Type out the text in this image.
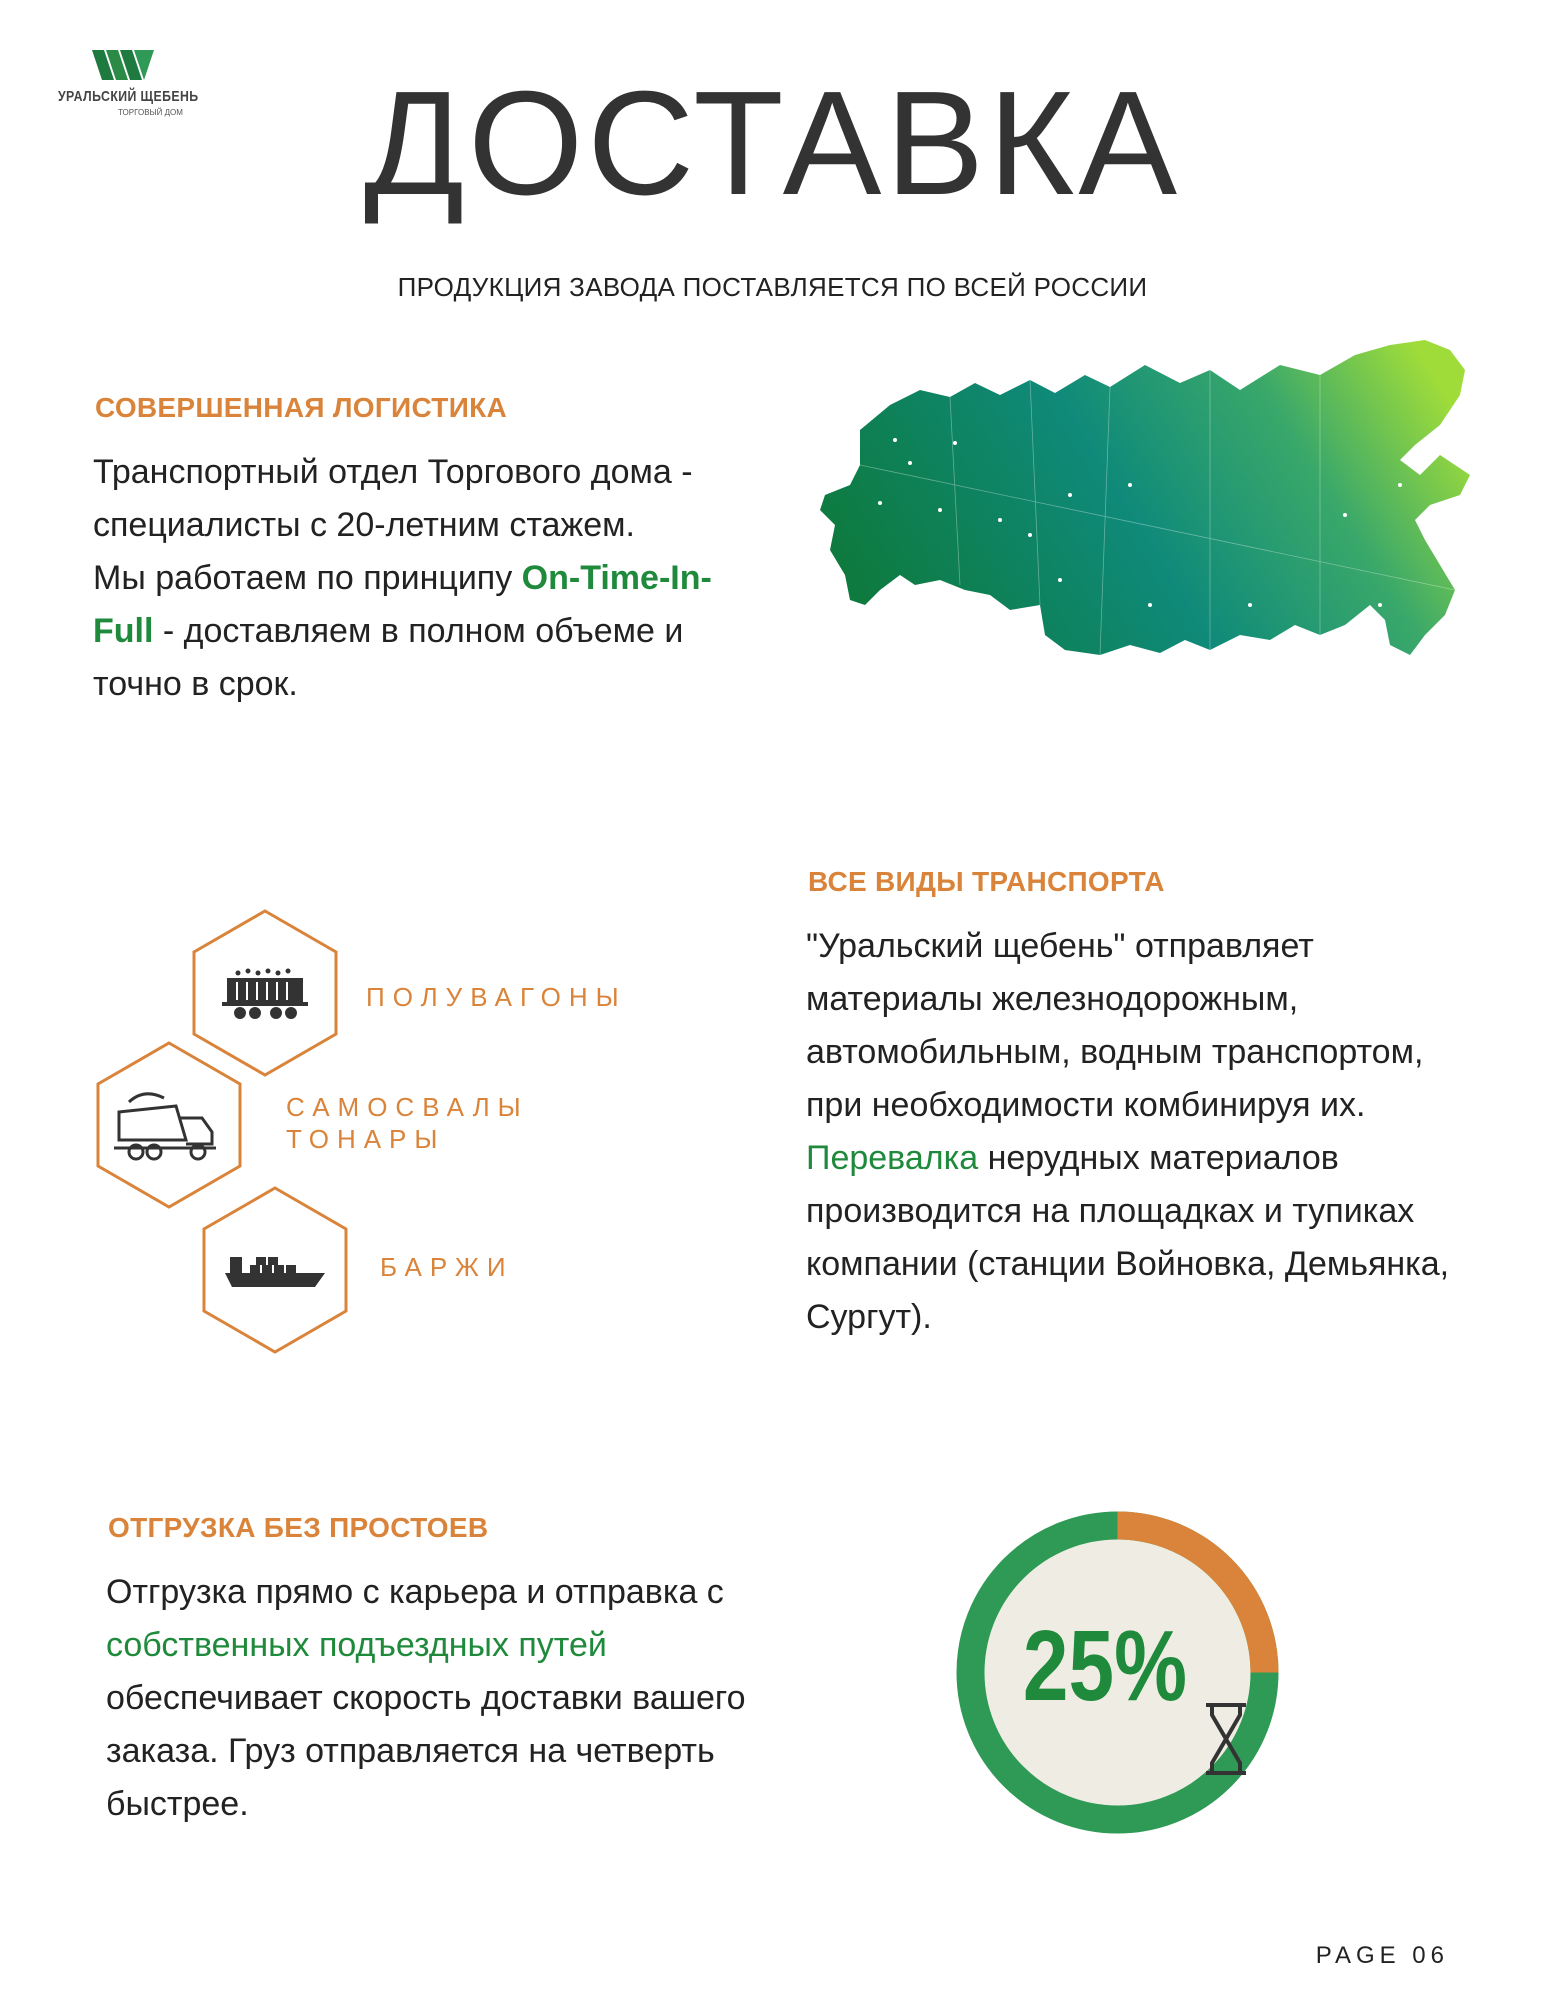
УРАЛЬСКИЙ ЩЕБЕНЬ
ТОРГОВЫЙ ДОМ	ДОСТАВКА
ПРОДУКЦИЯ ЗАВОДА ПОСТАВЛЯЕТСЯ ПО ВСЕЙ РОССИИ
СОВЕРШЕННАЯ ЛОГИСТИКА
Транспортный отдел Торгового дома - специалисты с 20-летним стажем.
Мы работаем по принципу On-Time-In-Full - доставляем в полном объеме и точно в срок.
ВСЕ ВИДЫ ТРАНСПОРТА
"Уральский щебень" отправляет материалы железнодорожным, автомобильным, водным транспортом, при необходимости комбинируя их.
Перевалка нерудных материалов производится на площадках и тупиках компании (станции Войновка, Демьянка, Сургут).
ПОЛУВАГОНЫ
САМОСВАЛЫ
ТОНАРЫ
БАРЖИ
ОТГРУЗКА БЕЗ ПРОСТОЕВ
Отгрузка прямо с карьера и отправка с собственных подъездных путей обеспечивает скорость доставки вашего заказа. Груз отправляется на четверть быстрее.
25%
PAGE 06
